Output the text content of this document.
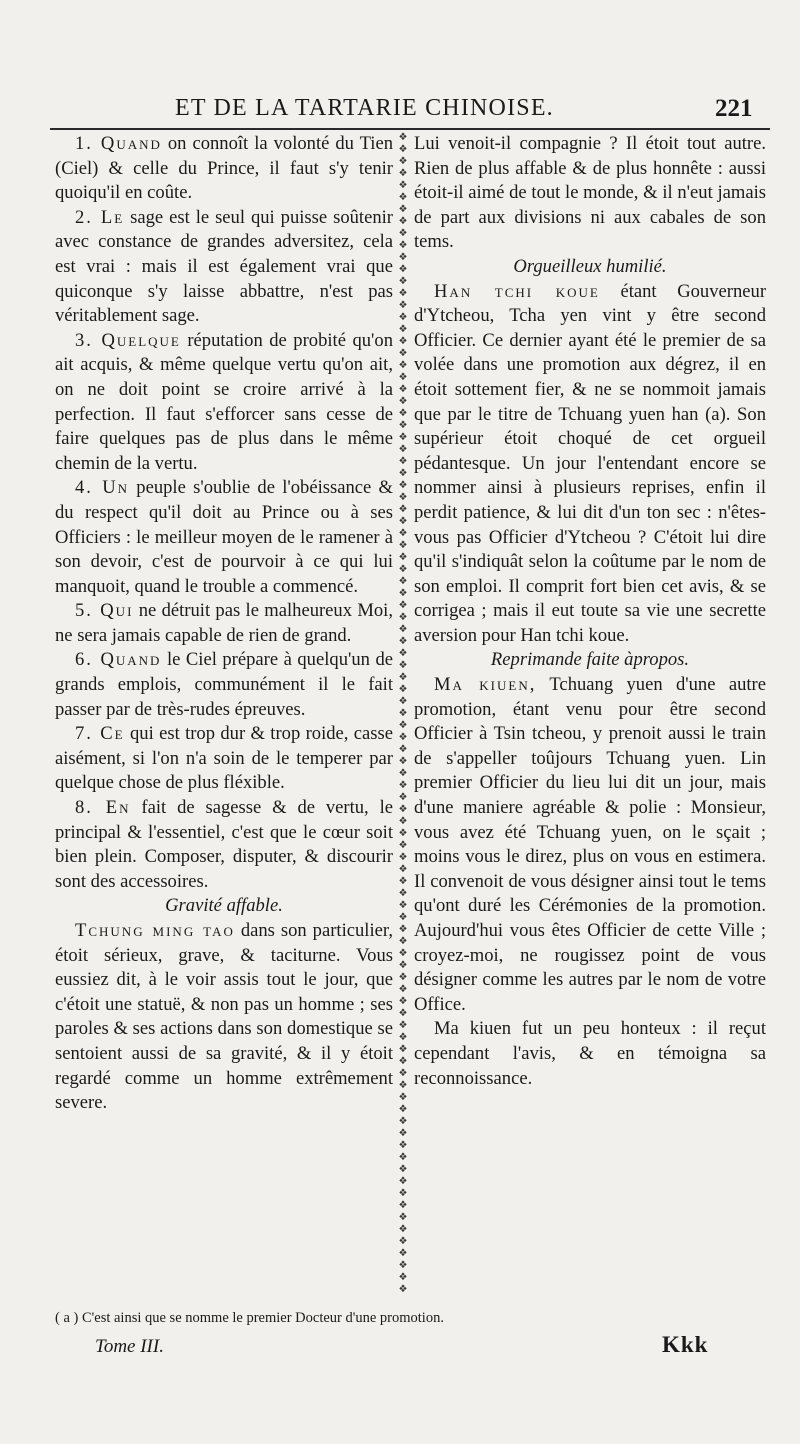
ET DE LA TARTARIE CHINOISE.	221

1. Quand on connoît la volonté du Tien (Ciel) & celle du Prince, il faut s'y tenir quoiqu'il en coûte.

2. Le sage est le seul qui puisse soûtenir avec constance de grandes adversitez, cela est vrai : mais il est également vrai que quiconque s'y laisse abbattre, n'est pas véritablement sage.

3. Quelque réputation de probité qu'on ait acquis, & même quelque vertu qu'on ait, on ne doit point se croire arrivé à la perfection. Il faut s'efforcer sans cesse de faire quelques pas de plus dans le même chemin de la vertu.

4. Un peuple s'oublie de l'obéissance & du respect qu'il doit au Prince ou à ses Officiers : le meilleur moyen de le ramener à son devoir, c'est de pourvoir à ce qui lui manquoit, quand le trouble a commencé.

5. Qui ne détruit pas le malheureux Moi, ne sera jamais capable de rien de grand.

6. Quand le Ciel prépare à quelqu'un de grands emplois, communément il le fait passer par de très-rudes épreuves.

7. Ce qui est trop dur & trop roide, casse aisément, si l'on n'a soin de le temperer par quelque chose de plus fléxible.

8. En fait de sagesse & de vertu, le principal & l'essentiel, c'est que le cœur soit bien plein. Composer, disputer, & discourir sont des accessoires.

Gravité affable.

Tchung ming tao dans son particulier, étoit sérieux, grave, & taciturne. Vous eussiez dit, à le voir assis tout le jour, que c'étoit une statuë, & non pas un homme ; ses paroles & ses actions dans son domestique se sentoient aussi de sa gravité, & il y étoit regardé comme un homme extrêmement severe.

❖
❖
❖
❖
❖
❖
❖
❖
❖
❖
❖
❖
❖
❖
❖
❖
❖
❖
❖
❖
❖
❖
❖
❖
❖
❖
❖
❖
❖
❖
❖
❖
❖
❖
❖
❖
❖
❖
❖
❖
❖
❖
❖
❖
❖
❖
❖
❖
❖
❖
❖
❖
❖
❖
❖
❖
❖
❖
❖
❖
❖
❖
❖
❖
❖
❖
❖
❖
❖
❖
❖
❖
❖
❖
❖
❖
❖
❖
❖
❖
❖
❖
❖
❖
❖
❖
❖
❖
❖
❖
❖
❖
❖
❖
❖
❖
❖

Lui venoit-il compagnie ? Il étoit tout autre. Rien de plus affable & de plus honnête : aussi étoit-il aimé de tout le monde, & il n'eut jamais de part aux divisions ni aux cabales de son tems.

Orgueilleux humilié.

Han tchi koue étant Gouverneur d'Ytcheou, Tcha yen vint y être second Officier. Ce dernier ayant été le premier de sa volée dans une promotion aux dégrez, il en étoit sottement fier, & ne se nommoit jamais que par le titre de Tchuang yuen han (a). Son supérieur étoit choqué de cet orgueil pédantesque. Un jour l'entendant encore se nommer ainsi à plusieurs reprises, enfin il perdit patience, & lui dit d'un ton sec : n'êtes-vous pas Officier d'Ytcheou ? C'étoit lui dire qu'il s'indiquât selon la coûtume par le nom de son emploi. Il comprit fort bien cet avis, & se corrigea ; mais il eut toute sa vie une secrette aversion pour Han tchi koue.

Reprimande faite àpropos.

Ma kiuen, Tchuang yuen d'une autre promotion, étant venu pour être second Officier à Tsin tcheou, y prenoit aussi le train de s'appeller toûjours Tchuang yuen. Lin premier Officier du lieu lui dit un jour, mais d'une maniere agréable & polie : Monsieur, vous avez été Tchuang yuen, on le sçait ; moins vous le direz, plus on vous en estimera. Il convenoit de vous désigner ainsi tout le tems qu'ont duré les Cérémonies de la promotion. Aujourd'hui vous êtes Officier de cette Ville ; croyez-moi, ne rougissez point de vous désigner comme les autres par le nom de votre Office.

Ma kiuen fut un peu honteux : il reçut cependant l'avis, & en témoigna sa reconnoissance.

( a ) C'est ainsi que se nomme le premier Docteur d'une promotion.
Tome III.	Kkk
